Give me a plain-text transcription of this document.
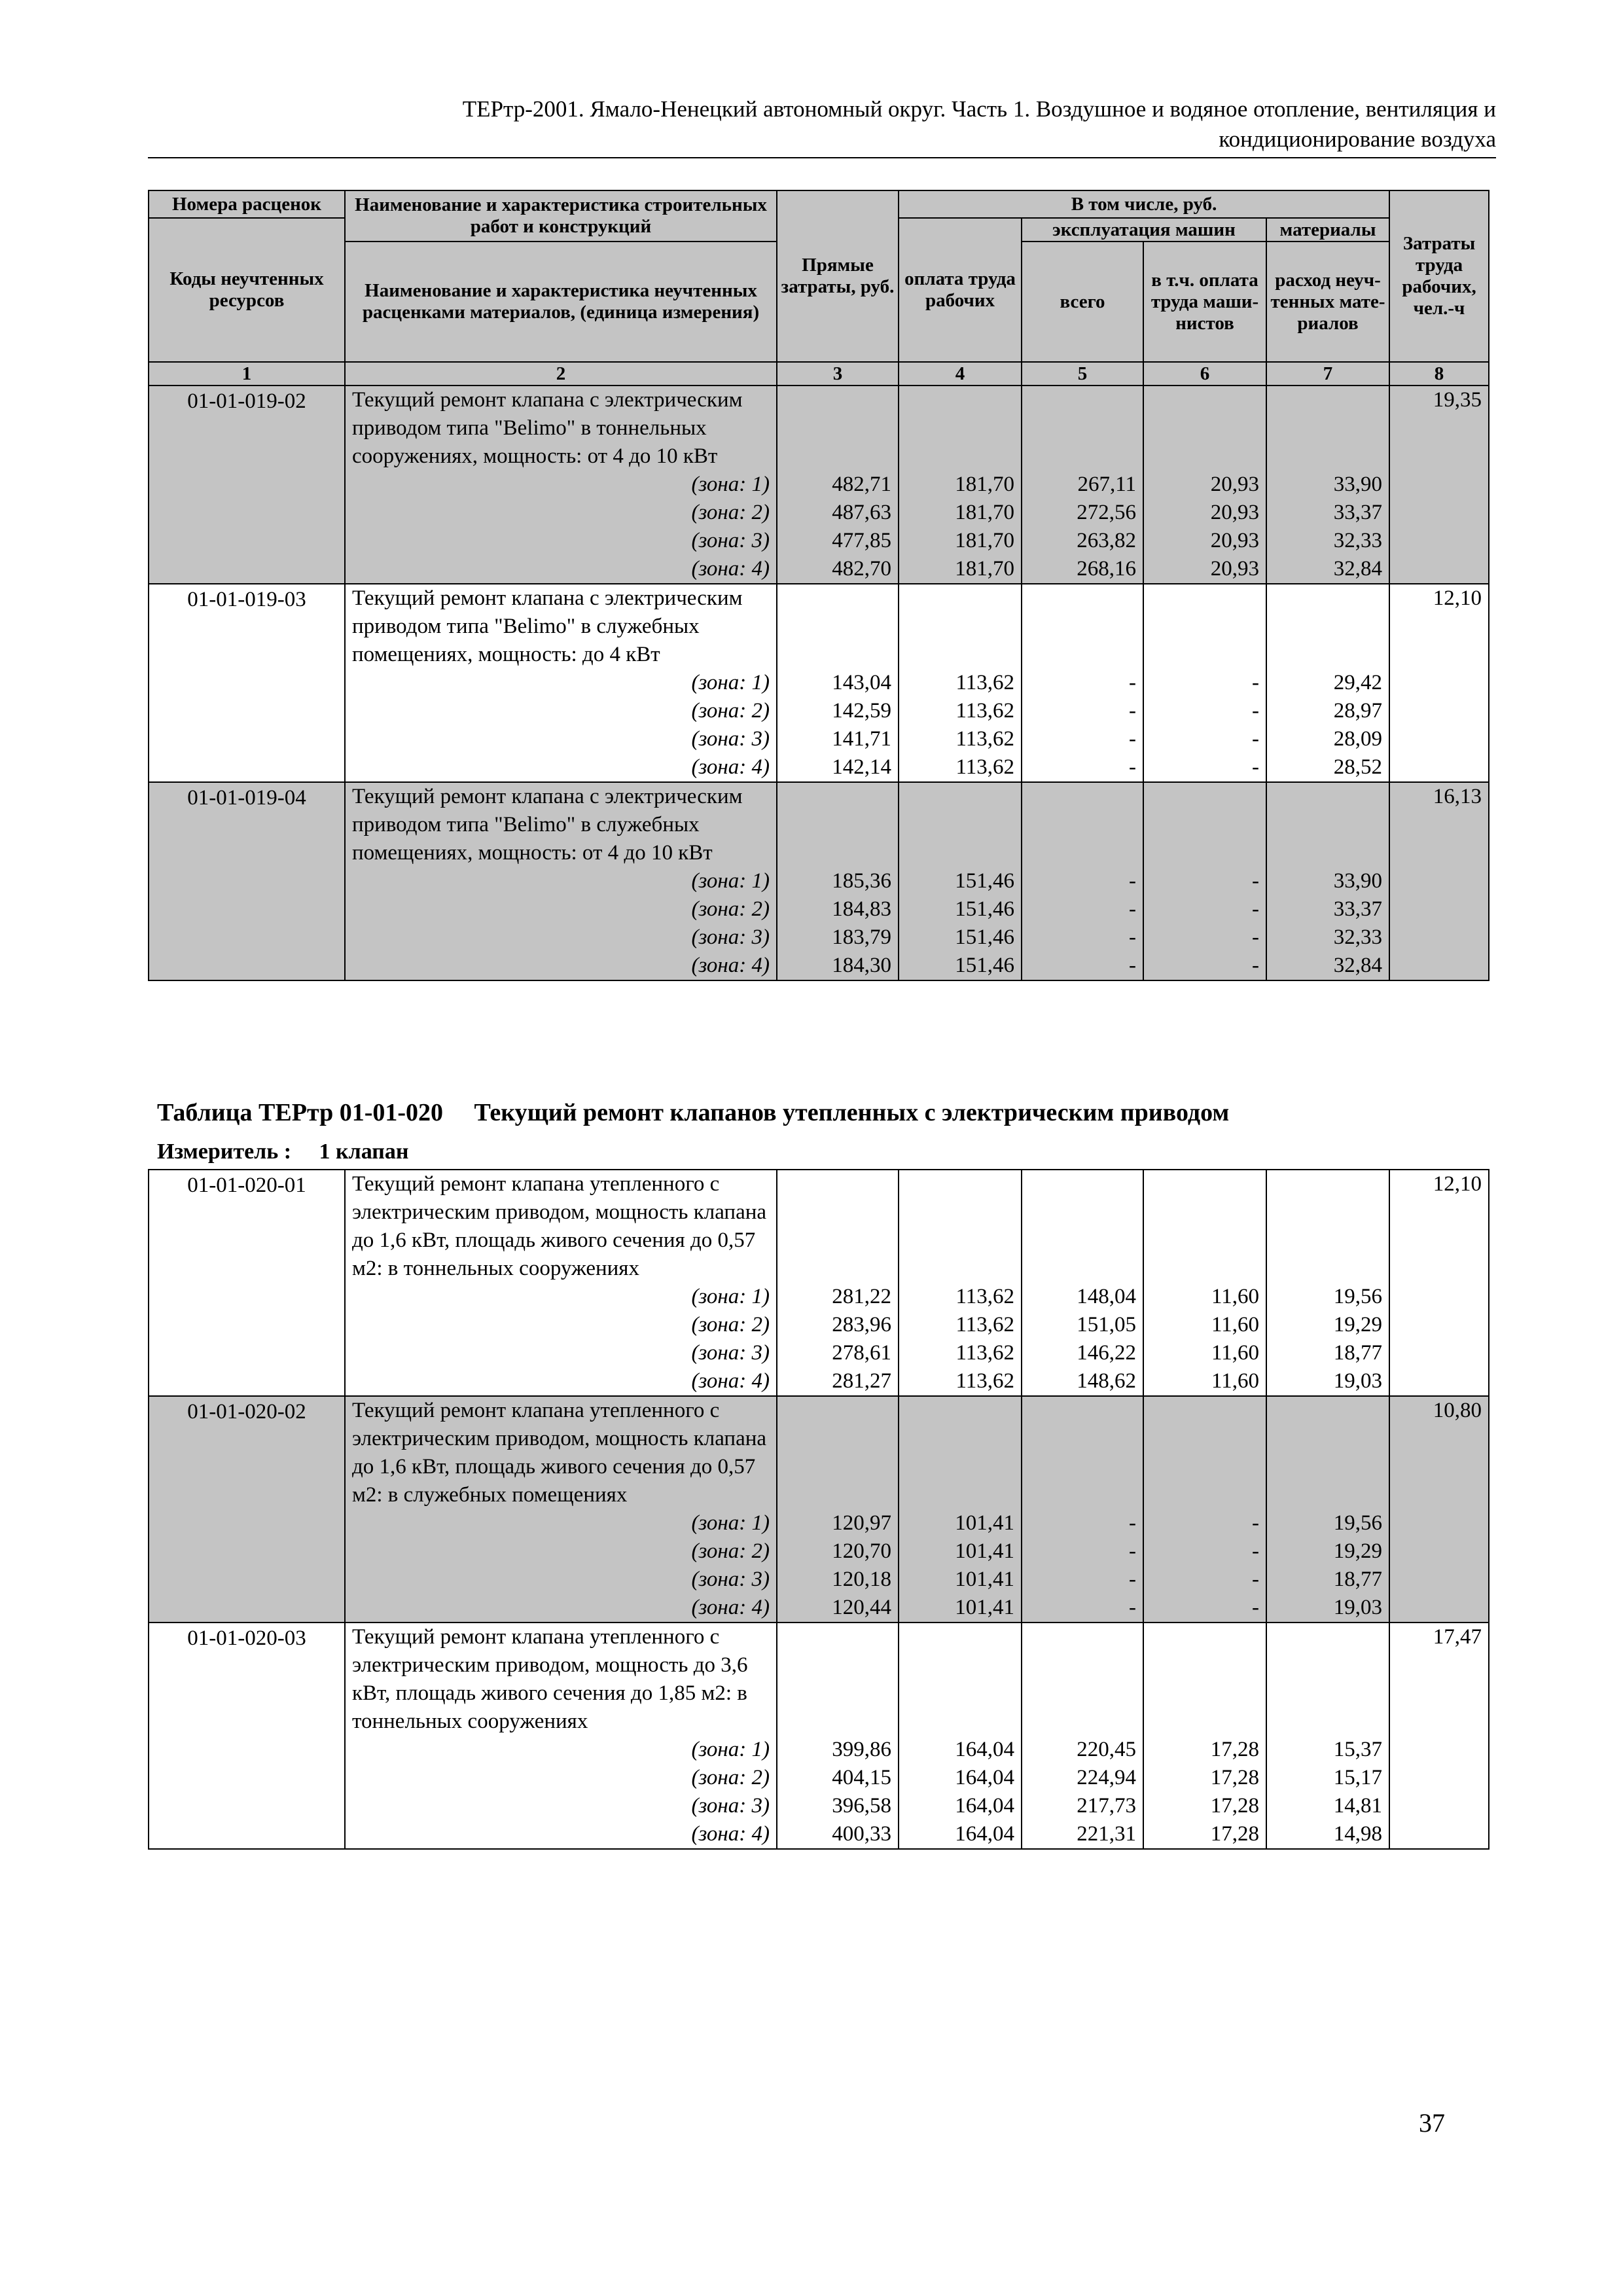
ТЕРтр-2001. Ямало-Ненецкий автономный округ. Часть 1. Воздушное и водяное отопление, вентиляция и
кондиционирование воздуха
Номера расценок	Наименование и характеристика строительных работ и конструкций	Прямые затраты, руб.	В том числе, руб.				Затраты труда рабочих, чел.-ч
Коды неучтенных ресурсов			оплата труда рабочих	эксплуатация машин		материалы	
	Наименование и характеристика неучтенных расценками материалов, (единица измерения)			всего	в т.ч. оплата труда маши-нистов	расход неуч-тенных мате-риалов	
1	2	3	4	5	6	7	8
01-01-019-02	Текущий ремонт клапана с электрическим приводом типа "Belimo" в тоннельных сооружениях, мощность: от 4 до 10 кВт						19,35
	(зона: 1)	482,71	181,70	267,11	20,93	33,90	
	(зона: 2)	487,63	181,70	272,56	20,93	33,37	
	(зона: 3)	477,85	181,70	263,82	20,93	32,33	
	(зона: 4)	482,70	181,70	268,16	20,93	32,84	
01-01-019-03	Текущий ремонт клапана с электрическим приводом типа "Belimo" в служебных помещениях, мощность: до 4 кВт						12,10
	(зона: 1)	143,04	113,62	-	-	29,42	
	(зона: 2)	142,59	113,62	-	-	28,97	
	(зона: 3)	141,71	113,62	-	-	28,09	
	(зона: 4)	142,14	113,62	-	-	28,52	
01-01-019-04	Текущий ремонт клапана с электрическим приводом типа "Belimo" в служебных помещениях, мощность: от 4 до 10 кВт						16,13
	(зона: 1)	185,36	151,46	-	-	33,90	
	(зона: 2)	184,83	151,46	-	-	33,37	
	(зона: 3)	183,79	151,46	-	-	32,33	
	(зона: 4)	184,30	151,46	-	-	32,84	
Таблица ТЕРтр 01-01-020     Текущий ремонт клапанов утепленных с электрическим приводом
Измеритель :     1 клапан
01-01-020-01	Текущий ремонт клапана утепленного с электрическим приводом, мощность клапана до 1,6 кВт, площадь живого сечения до 0,57 м2: в тоннельных сооружениях						12,10
	(зона: 1)	281,22	113,62	148,04	11,60	19,56	
	(зона: 2)	283,96	113,62	151,05	11,60	19,29	
	(зона: 3)	278,61	113,62	146,22	11,60	18,77	
	(зона: 4)	281,27	113,62	148,62	11,60	19,03	
01-01-020-02	Текущий ремонт клапана утепленного с электрическим приводом, мощность клапана до 1,6 кВт, площадь живого сечения до 0,57 м2: в служебных помещениях						10,80
	(зона: 1)	120,97	101,41	-	-	19,56	
	(зона: 2)	120,70	101,41	-	-	19,29	
	(зона: 3)	120,18	101,41	-	-	18,77	
	(зона: 4)	120,44	101,41	-	-	19,03	
01-01-020-03	Текущий ремонт клапана утепленного с электрическим приводом, мощность до 3,6 кВт, площадь живого сечения до 1,85 м2: в тоннельных сооружениях						17,47
	(зона: 1)	399,86	164,04	220,45	17,28	15,37	
	(зона: 2)	404,15	164,04	224,94	17,28	15,17	
	(зона: 3)	396,58	164,04	217,73	17,28	14,81	
	(зона: 4)	400,33	164,04	221,31	17,28	14,98	
37
